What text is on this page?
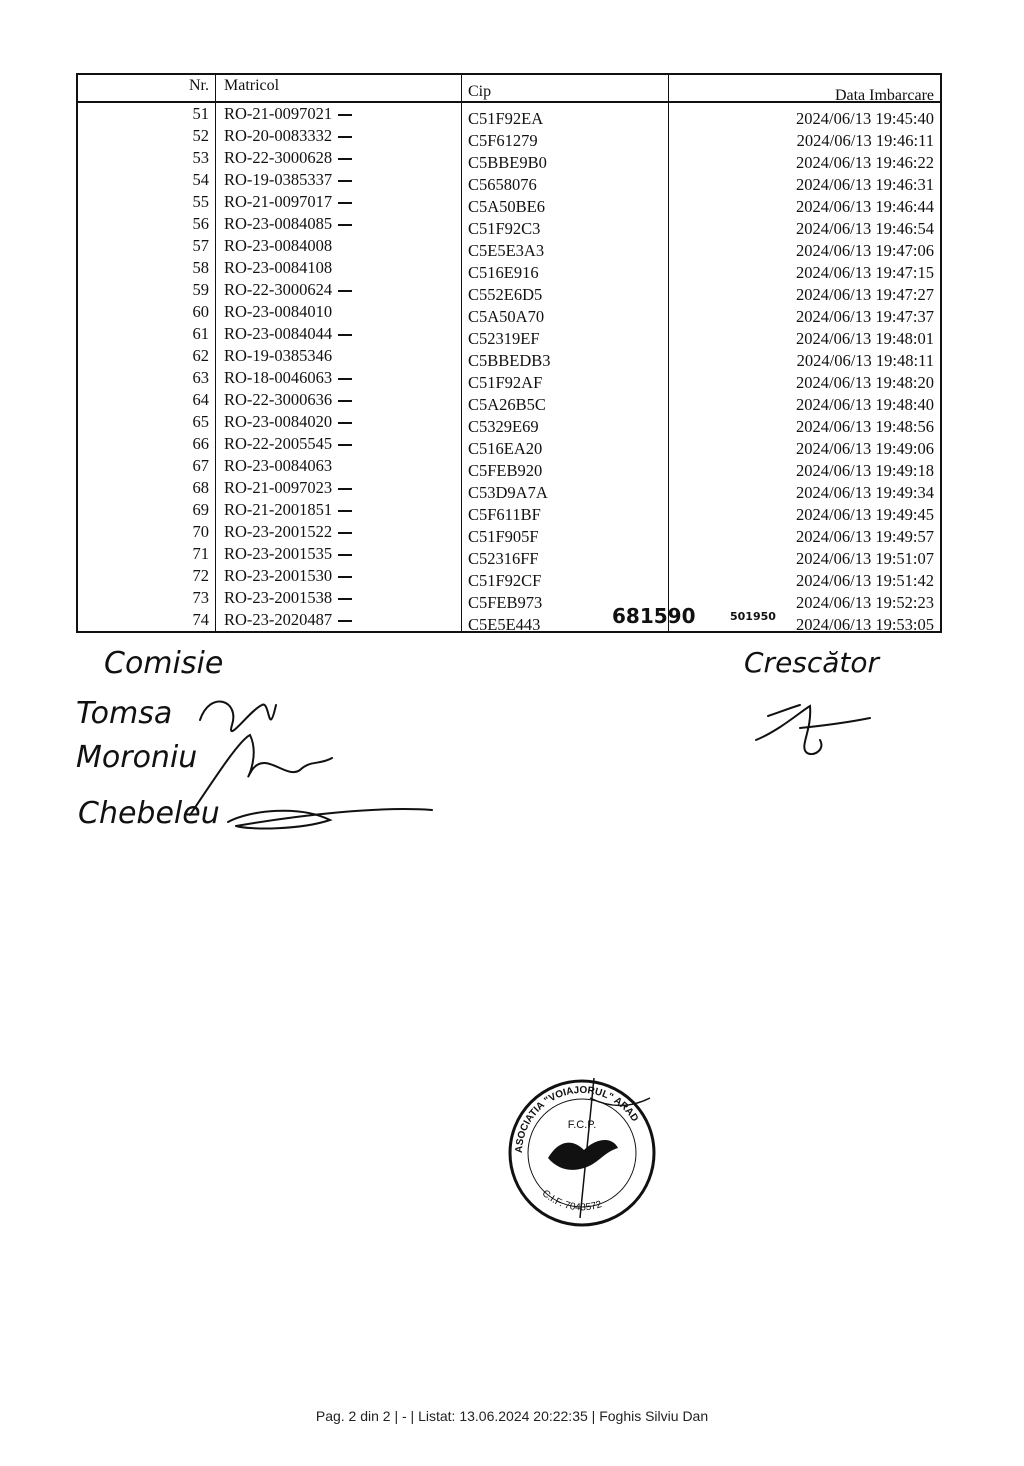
Nr. Matricol	Cip	Data Imbarcare
51 RO-21-0097021	C51F92EA	2024/06/13 19:45:40
52 RO-20-0083332	C5F61279	2024/06/13 19:46:11
53 RO-22-3000628	C5BBE9B0	2024/06/13 19:46:22
54 RO-19-0385337	C5658076	2024/06/13 19:46:31
55 RO-21-0097017	C5A50BE6	2024/06/13 19:46:44
56 RO-23-0084085	C51F92C3	2024/06/13 19:46:54
57 RO-23-0084008	C5E5E3A3	2024/06/13 19:47:06
58 RO-23-0084108	C516E916	2024/06/13 19:47:15
59 RO-22-3000624	C552E6D5	2024/06/13 19:47:27
60 RO-23-0084010	C5A50A70	2024/06/13 19:47:37
61 RO-23-0084044	C52319EF	2024/06/13 19:48:01
62 RO-19-0385346	C5BBEDB3	2024/06/13 19:48:11
63 RO-18-0046063	C51F92AF	2024/06/13 19:48:20
64 RO-22-3000636	C5A26B5C	2024/06/13 19:48:40
65 RO-23-0084020	C5329E69	2024/06/13 19:48:56
66 RO-22-2005545	C516EA20	2024/06/13 19:49:06
67 RO-23-0084063	C5FEB920	2024/06/13 19:49:18
68 RO-21-0097023	C53D9A7A	2024/06/13 19:49:34
69 RO-21-2001851	C5F611BF	2024/06/13 19:49:45
70 RO-23-2001522	C51F905F	2024/06/13 19:49:57
71 RO-23-2001535	C52316FF	2024/06/13 19:51:07
72 RO-23-2001530	C51F92CF	2024/06/13 19:51:42
73 RO-23-2001538	C5FEB973	2024/06/13 19:52:23
74 RO-23-2020487	C5E5E443	2024/06/13 19:53:05
681590	501950
Comisie
Tomsa
Moroniu
Chebeleu
Crescător
ASOCIATIA "VOIAJORUL" ARAD
F.C.P.
C.I.F. 7043572
Pag. 2 din 2 | - | Listat: 13.06.2024 20:22:35 | Foghis Silviu Dan
